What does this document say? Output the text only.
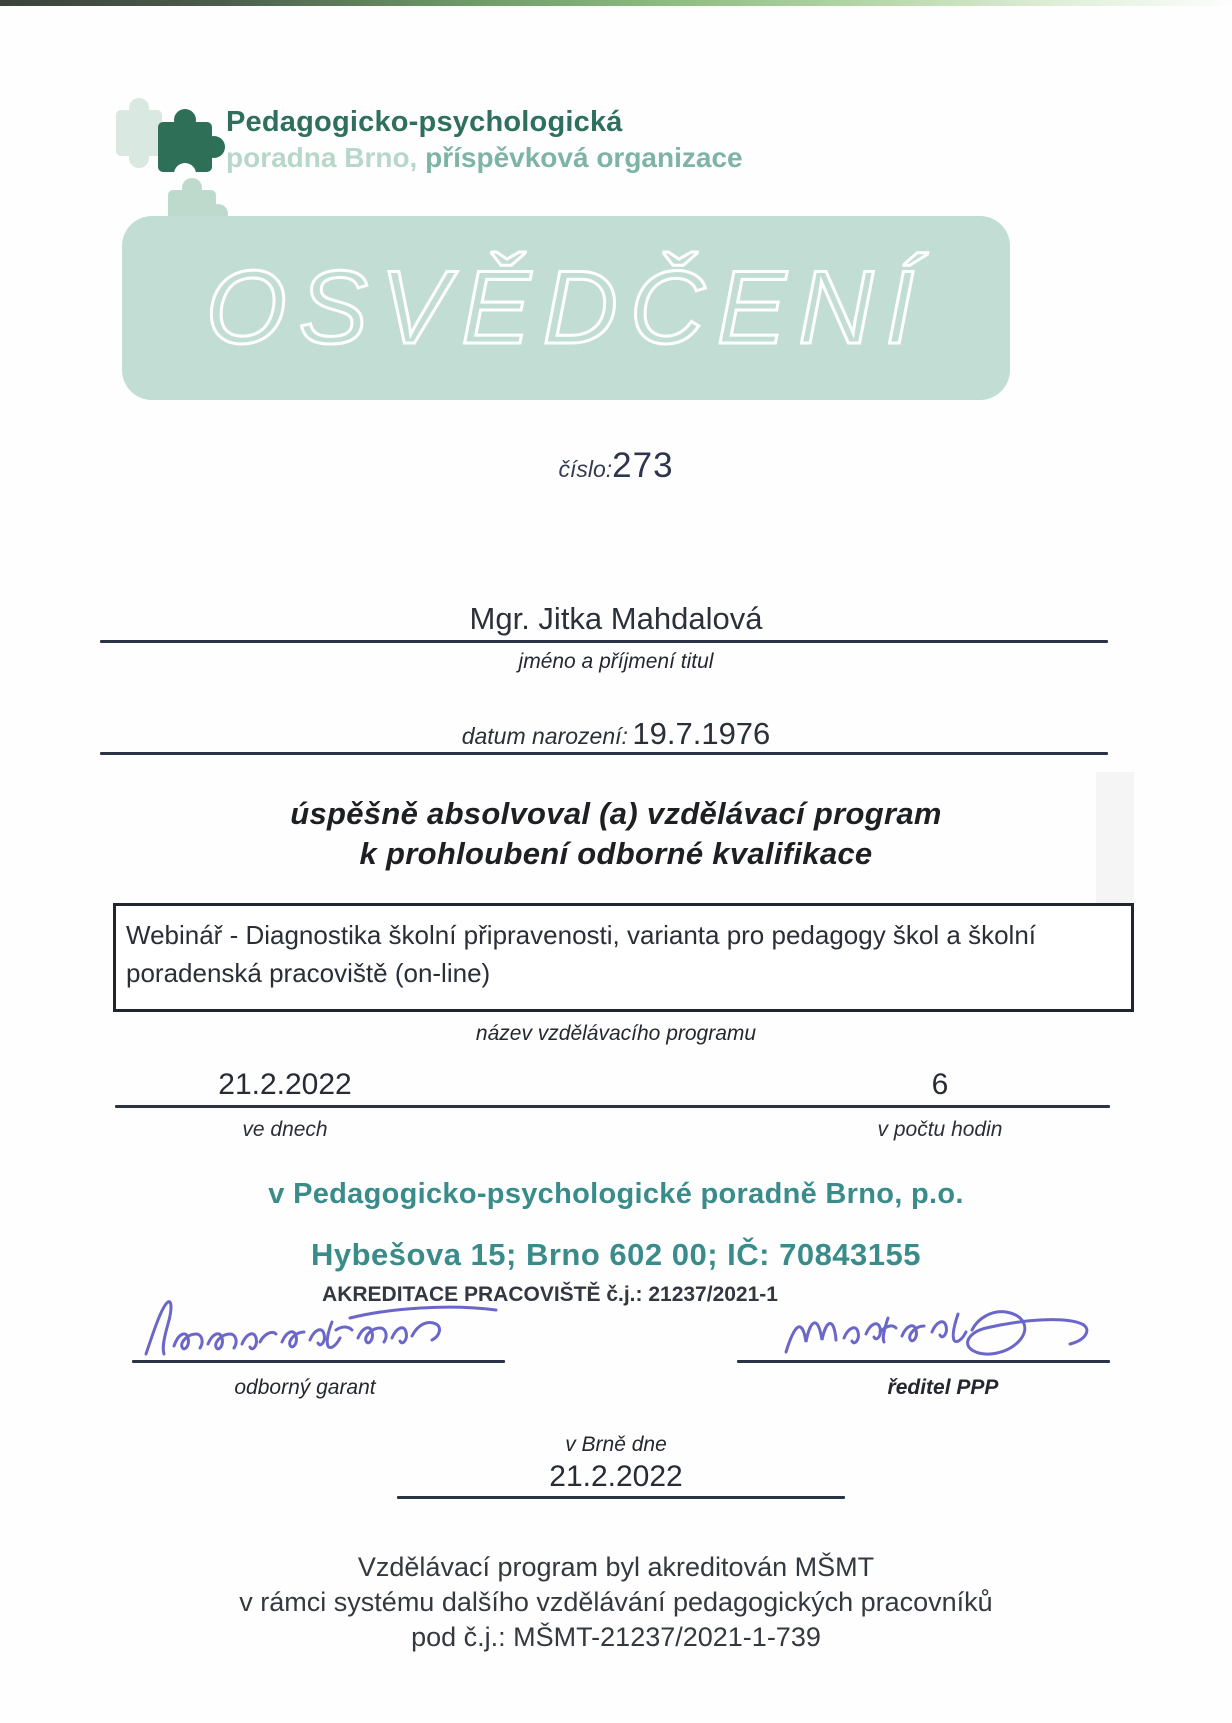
Pedagogicko-psychologická
poradna Brno, příspěvková organizace
OSVĚDČENÍ
číslo:273
Mgr. Jitka Mahdalová
jméno a příjmení titul
datum narození: 19.7.1976
úspěšně absolvoval (a) vzdělávací program
k prohloubení odborné kvalifikace
Webinář - Diagnostika školní připravenosti, varianta pro pedagogy škol a školní
poradenská pracoviště (on-line)
název vzdělávacího programu
21.2.2022	6
ve dnech	v počtu hodin
v Pedagogicko-psychologické poradně Brno, p.o.
Hybešova 15; Brno 602 00; IČ: 70843155
AKREDITACE PRACOVIŠTĚ č.j.: 21237/2021-1
odborný garant	ředitel PPP
v Brně dne
21.2.2022
Vzdělávací program byl akreditován MŠMT
v rámci systému dalšího vzdělávání pedagogických pracovníků
pod č.j.: MŠMT-21237/2021-1-739
